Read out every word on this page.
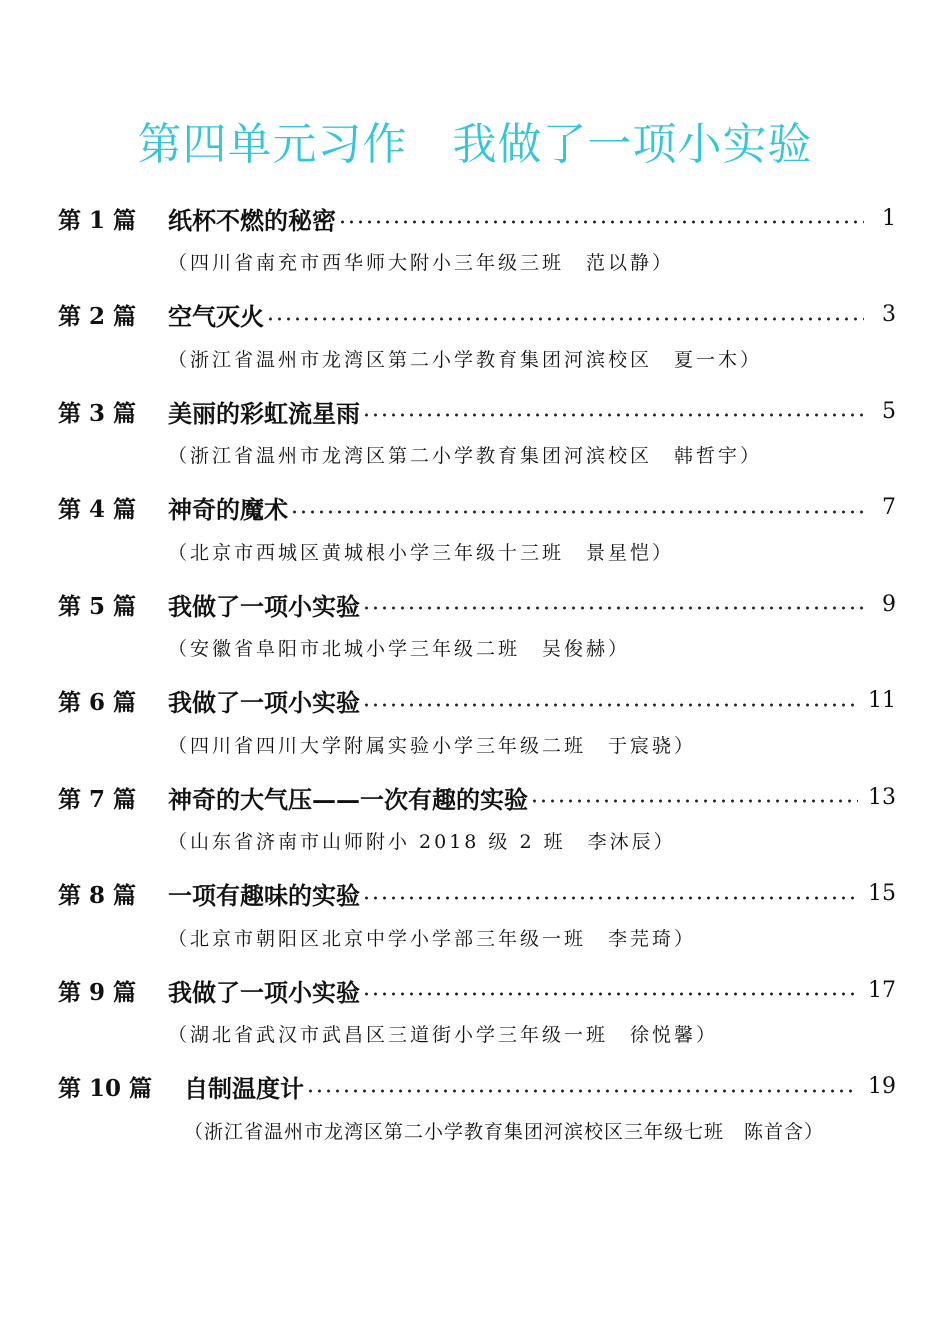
第四单元习作　我做了一项小实验
第 1 篇	纸杯不燃的秘密	1
（四川省南充市西华师大附小三年级三班　范以静）
第 2 篇	空气灭火	3
（浙江省温州市龙湾区第二小学教育集团河滨校区　夏一木）
第 3 篇	美丽的彩虹流星雨	5
（浙江省温州市龙湾区第二小学教育集团河滨校区　韩哲宇）
第 4 篇	神奇的魔术	7
（北京市西城区黄城根小学三年级十三班　景星恺）
第 5 篇	我做了一项小实验	9
（安徽省阜阳市北城小学三年级二班　吴俊赫）
第 6 篇	我做了一项小实验	11
（四川省四川大学附属实验小学三年级二班　于宸骁）
第 7 篇	神奇的大气压——一次有趣的实验	13
（山东省济南市山师附小 2018 级 2 班　李沐辰）
第 8 篇	一项有趣味的实验	15
（北京市朝阳区北京中学小学部三年级一班　李芫琦）
第 9 篇	我做了一项小实验	17
（湖北省武汉市武昌区三道街小学三年级一班　徐悦馨）
第 10 篇	自制温度计	19
（浙江省温州市龙湾区第二小学教育集团河滨校区三年级七班　陈首含）
